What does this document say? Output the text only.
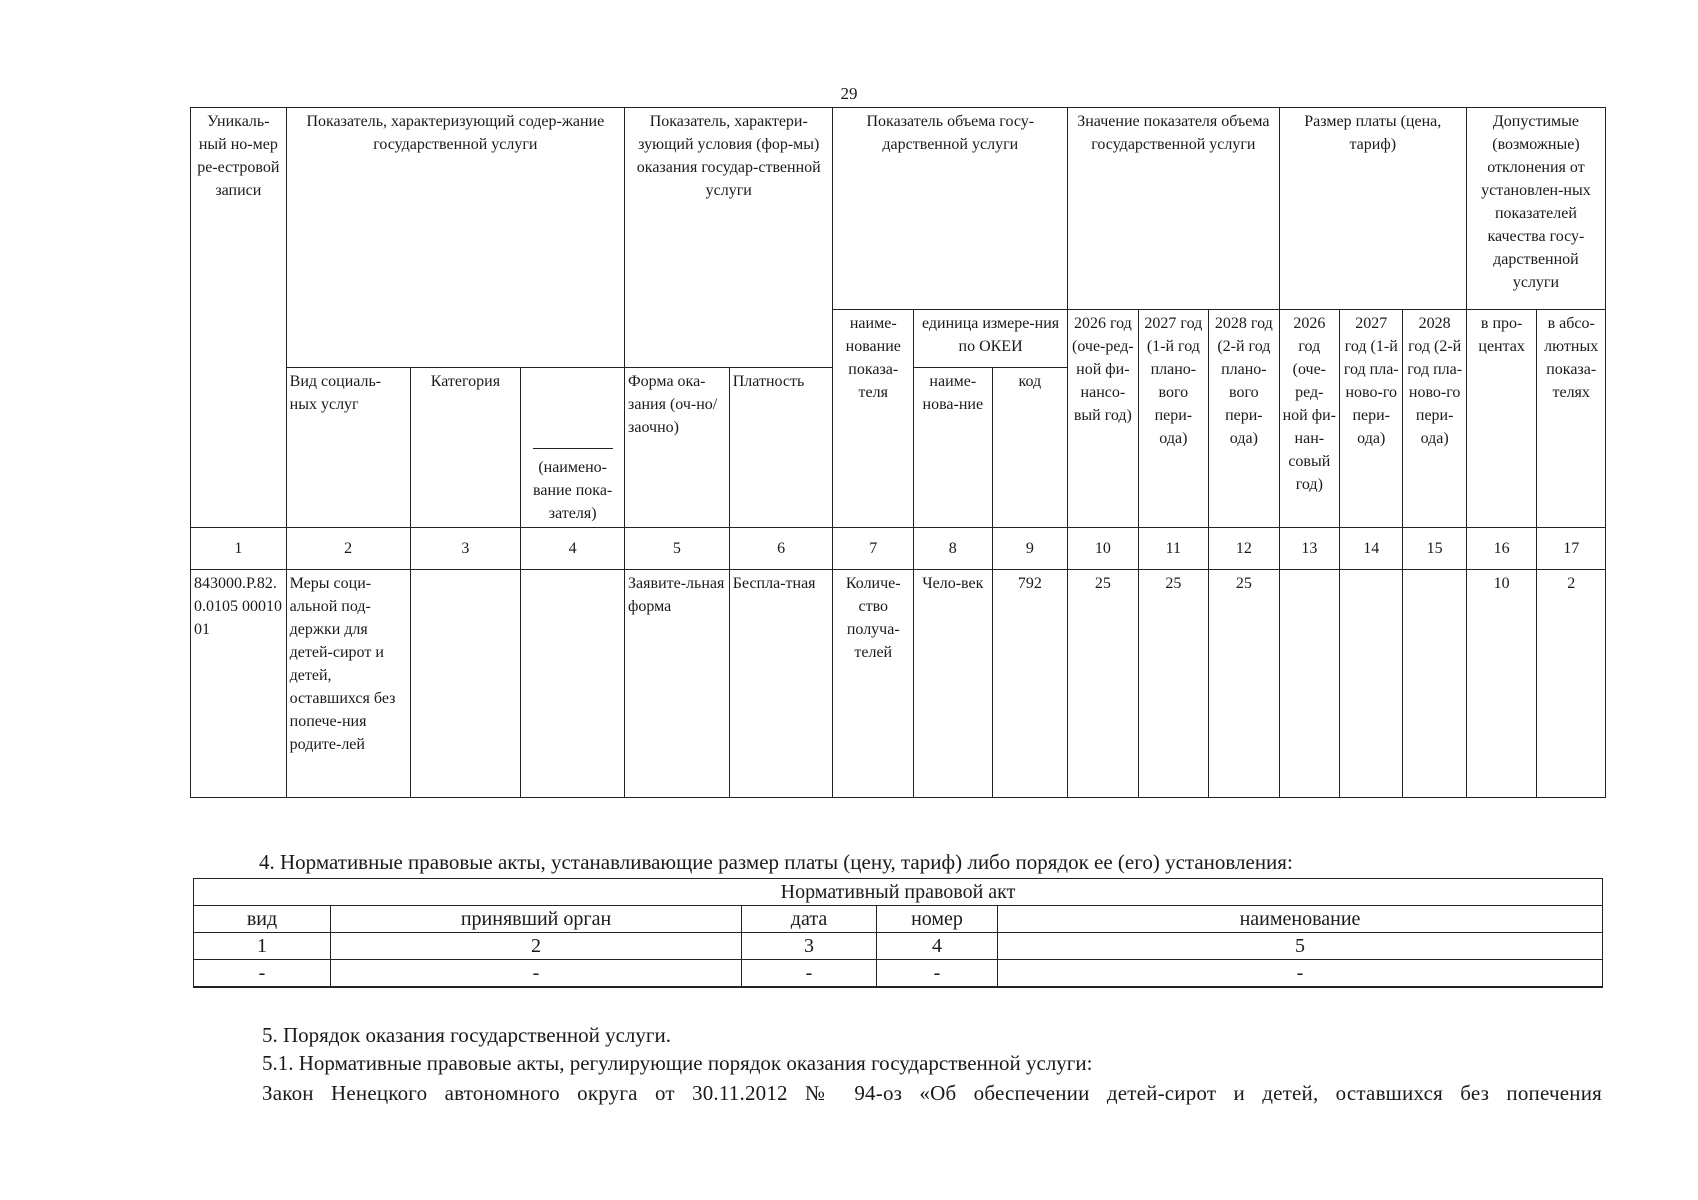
29
Уникаль-ный но-мер ре-естровой записи	Показатель, характеризующий содер-жание государственной услуги			Показатель, характери-зующий условия (фор-мы) оказания государ-ственной услуги		Показатель объема госу-дарственной услуги			Значение показателя объема государственной услуги			Размер платы (цена, тариф)			Допустимые (возможные) отклонения от установлен-ных показателей качества госу-дарственной услуги	
						наиме-нование показа-теля	единица измере-ния по ОКЕИ		2026 год (оче-ред-ной фи-нансо-вый год)	2027 год (1-й год плано-вого пери-ода)	2028 год (2-й год плано-вого пери-ода)	2026 год (оче-ред-ной фи-нан-совый год)	2027 год (1-й год пла-ново-го пери-ода)	2028 год (2-й год пла-ново-го пери-ода)	в про-центах	в абсо-лютных показа-телях
	Вид социаль-ных услуг	Категория	(наимено-вание пока-зателя)	Форма ока-зания (оч-но/заочно)	Платность		наиме-нова-ние	код								
1	2	3	4	5	6	7	8	9	10	11	12	13	14	15	16	17
843000.Р.82.0.0105 0001001	Меры соци-альной под-держки для детей-сирот и детей, оставшихся без попече-ния родите-лей			Заявите-льная форма	Беспла-тная	Количе-ство получа-телей	Чело-век	792	25	25	25				10	2
4. Нормативные правовые акты, устанавливающие размер платы (цену, тариф) либо порядок ее (его) установления:
Нормативный правовой акт				
вид	принявший орган	дата	номер	наименование
1	2	3	4	5
-	-	-	-	-
5. Порядок оказания государственной услуги.
5.1. Нормативные правовые акты, регулирующие порядок оказания государственной услуги:
Закон Ненецкого автономного округа от 30.11.2012 № 94-оз «Об обеспечении детей-сирот и детей, оставшихся без попечения
